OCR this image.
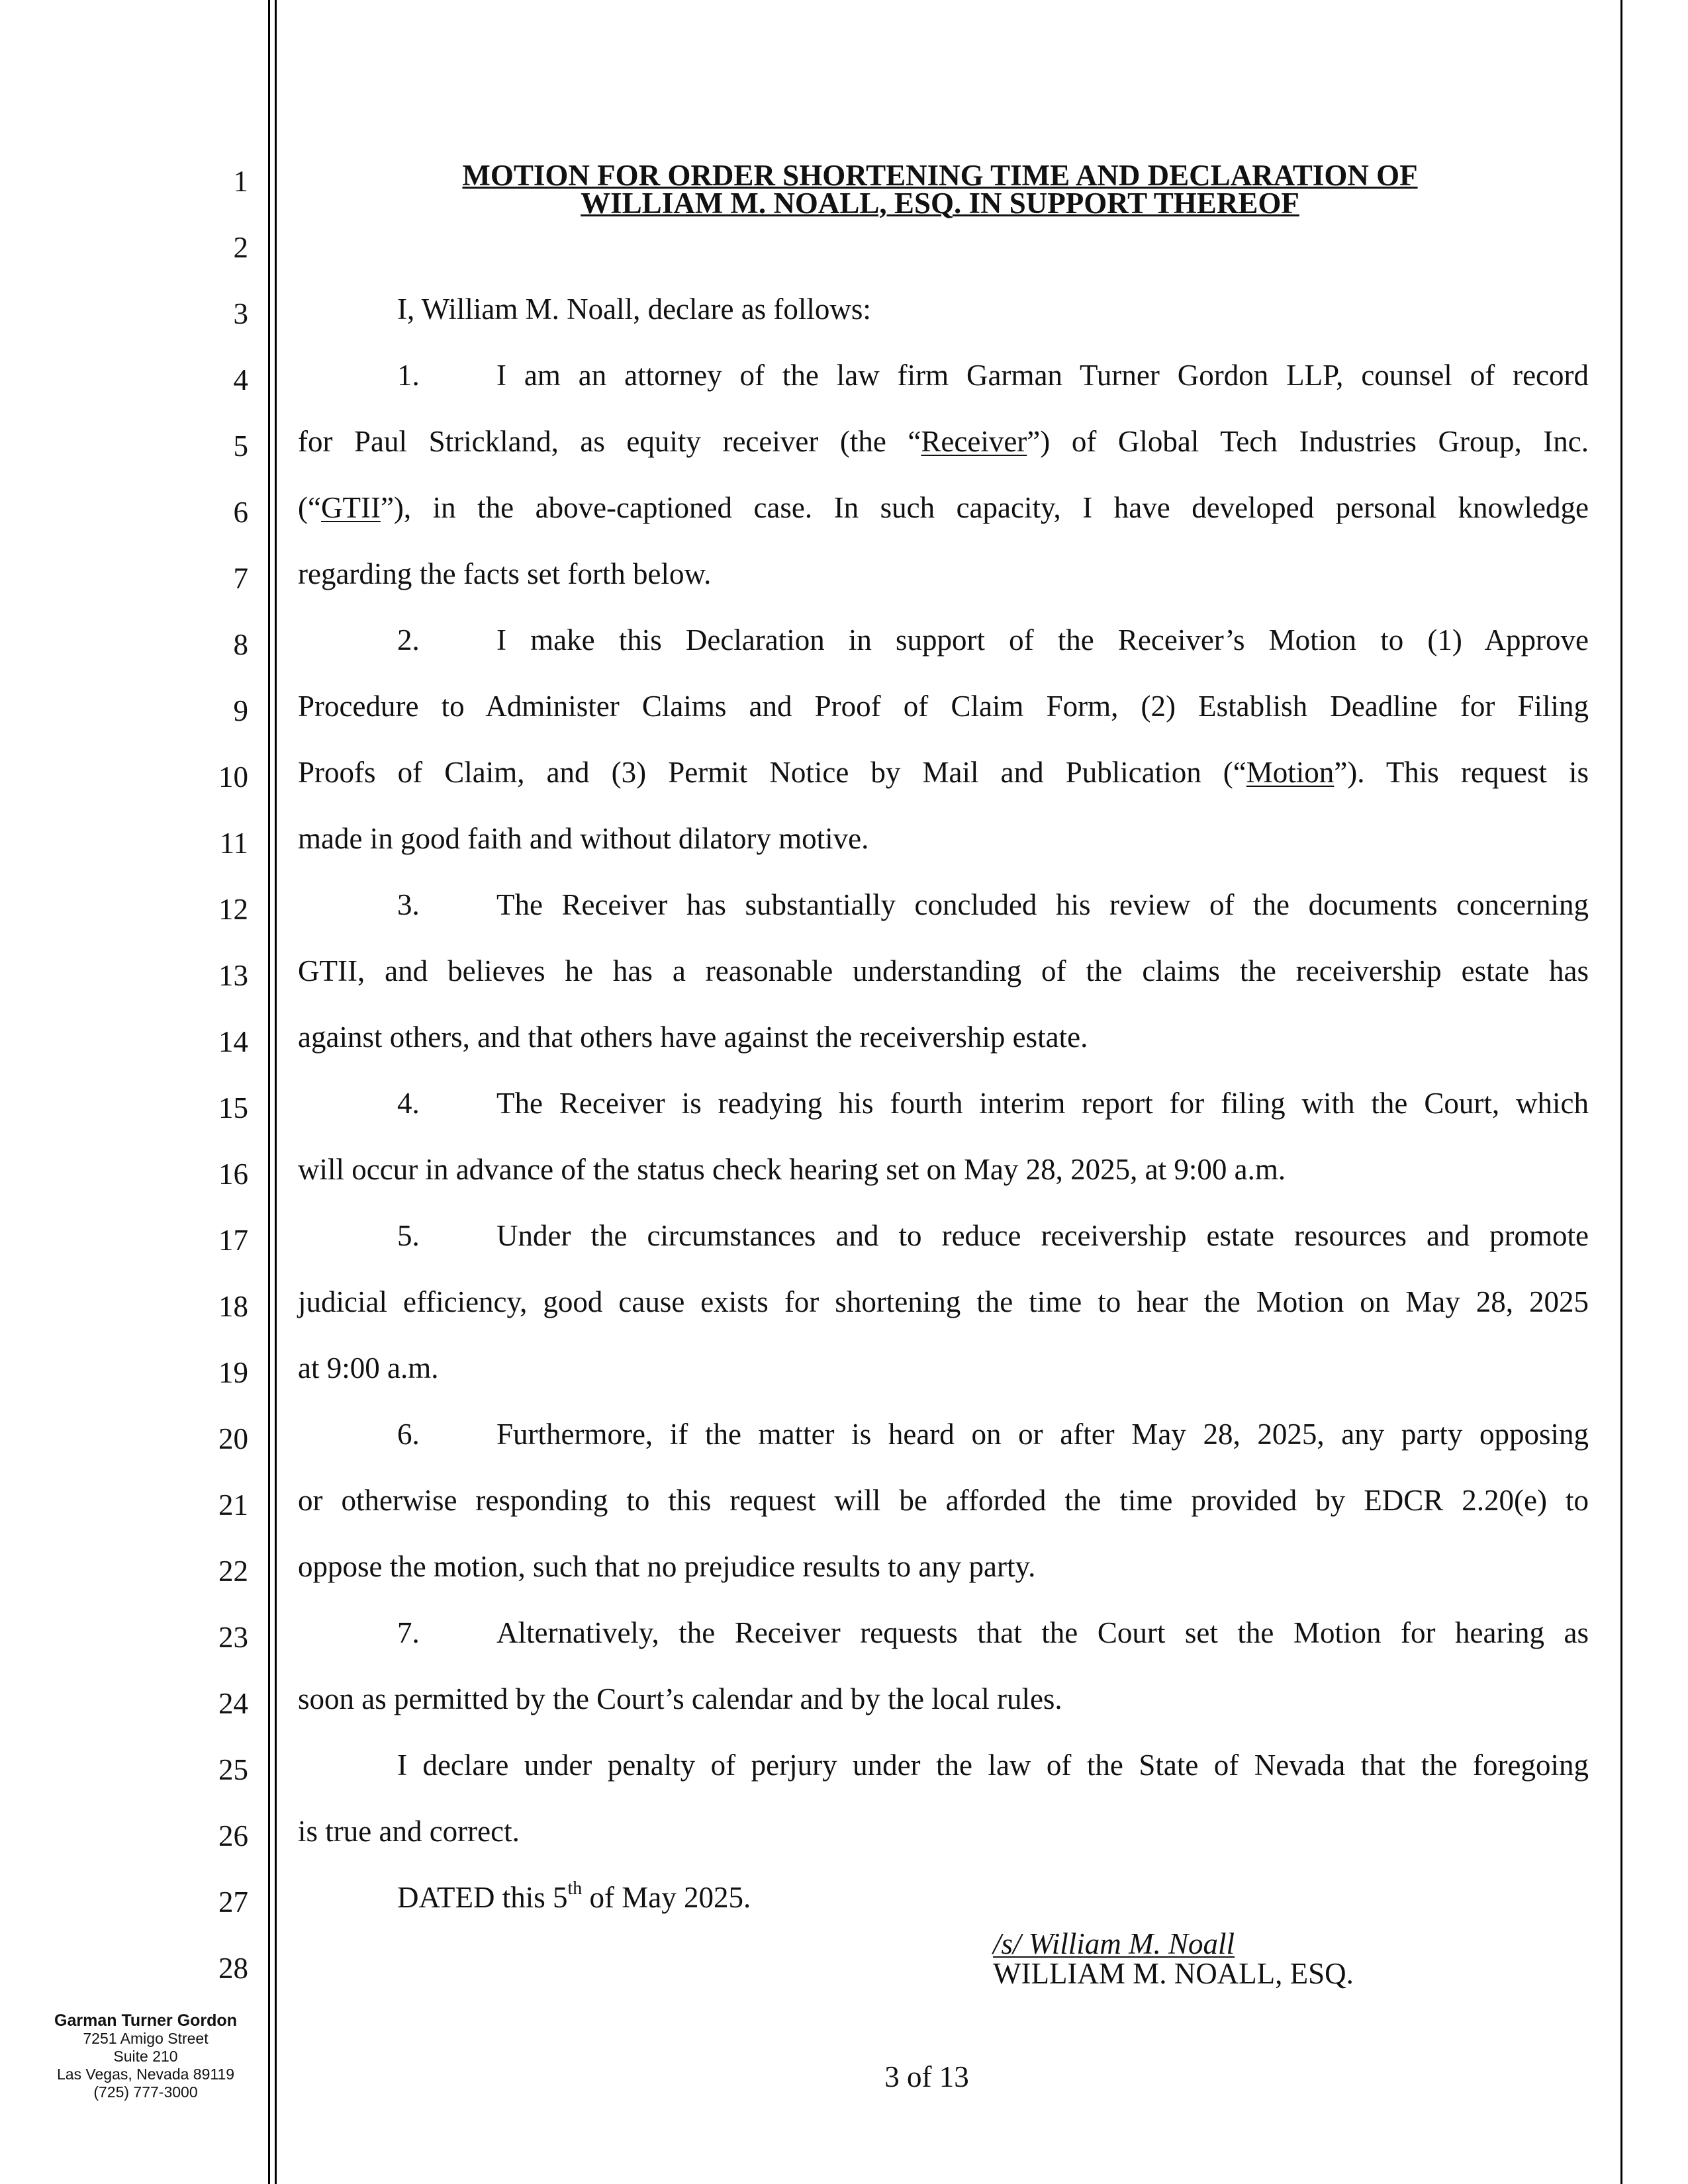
1
2
3
4
5
6
7
8
9
10
11
12
13
14
15
16
17
18
19
20
21
22
23
24
25
26
27
28
MOTION FOR ORDER SHORTENING TIME AND DECLARATION OF
WILLIAM M. NOALL, ESQ. IN SUPPORT THEREOF
I, William M. Noall, declare as follows:
1.	I am an attorney of the law firm Garman Turner Gordon LLP, counsel of record
for Paul Strickland, as equity receiver (the “Receiver”) of Global Tech Industries Group, Inc.
(“GTII”), in the above-captioned case. In such capacity, I have developed personal knowledge
regarding the facts set forth below.
2.	I make this Declaration in support of the Receiver’s Motion to (1) Approve
Procedure to Administer Claims and Proof of Claim Form, (2) Establish Deadline for Filing
Proofs of Claim, and (3) Permit Notice by Mail and Publication (“Motion”). This request is
made in good faith and without dilatory motive.
3.	The Receiver has substantially concluded his review of the documents concerning
GTII, and believes he has a reasonable understanding of the claims the receivership estate has
against others, and that others have against the receivership estate.
4.	The Receiver is readying his fourth interim report for filing with the Court, which
will occur in advance of the status check hearing set on May 28, 2025, at 9:00 a.m.
5.	Under the circumstances and to reduce receivership estate resources and promote
judicial efficiency, good cause exists for shortening the time to hear the Motion on May 28, 2025
at 9:00 a.m.
6.	Furthermore, if the matter is heard on or after May 28, 2025, any party opposing
or otherwise responding to this request will be afforded the time provided by EDCR 2.20(e) to
oppose the motion, such that no prejudice results to any party.
7.	Alternatively, the Receiver requests that the Court set the Motion for hearing as
soon as permitted by the Court’s calendar and by the local rules.
I declare under penalty of perjury under the law of the State of Nevada that the foregoing
is true and correct.
DATED this 5th of May 2025.
/s/ William M. Noall
WILLIAM M. NOALL, ESQ.
3 of 13
Garman Turner Gordon
7251 Amigo Street
Suite 210
Las Vegas, Nevada 89119
(725) 777-3000
